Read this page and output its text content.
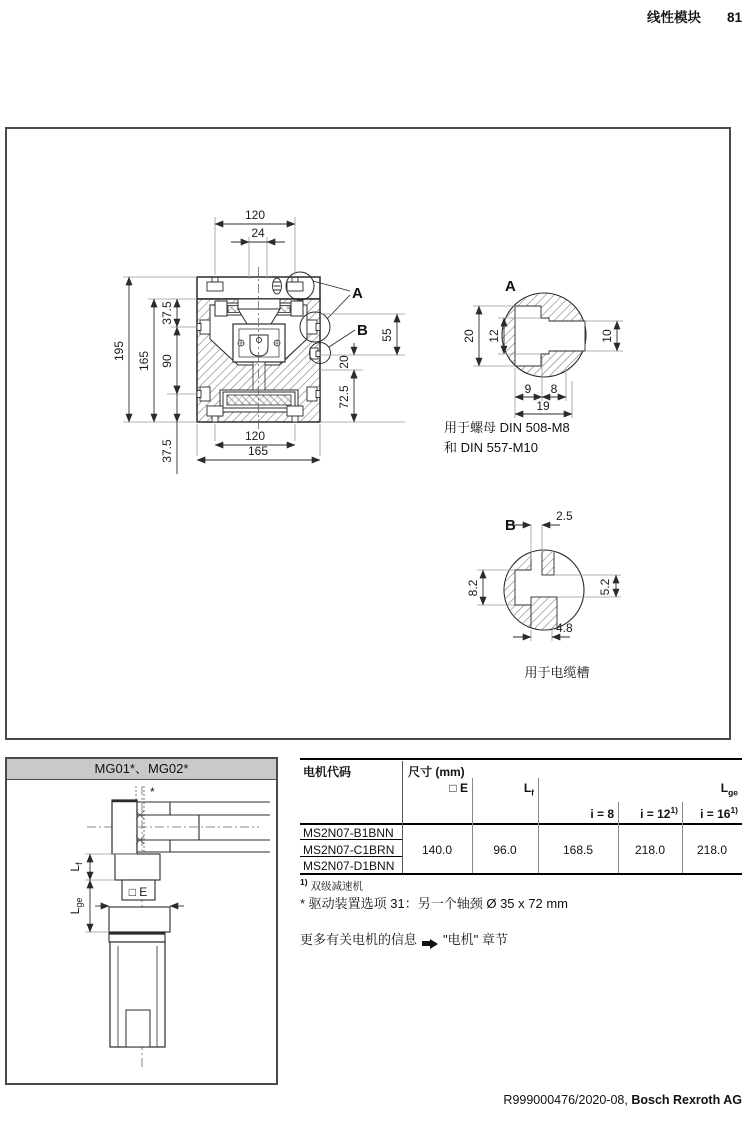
线性模块 81
A
B
120
24
195 165
37.5
90
37.5
55
20
72.5
120
165
A
20 12	10
9 8
19
用于螺母 DIN 508-M8
和 DIN 557-M10
B
2.5
8.2	5.2
4.8
用于电缆槽
MG01*、MG02*
*
□ E
$L_f$
$L_{ge}$
电机代码	尺寸 (mm)
□ E	$L_f$	$L_{ge}$
i = 8	$i = 12^{1)}$	$i = 16^{1)}$
MS2N07-B1BNN
MS2N07-C1BRN
MS2N07-D1BNN
140.0	96.0	168.5	218.0	218.0
$^{1)}$ 双级减速机
* 驱动装置选项 31：另一个轴颈 Ø 35 x 72 mm
更多有关电机的信息 "电机" 章节
R999000476/2020-08, Bosch Rexroth AG
